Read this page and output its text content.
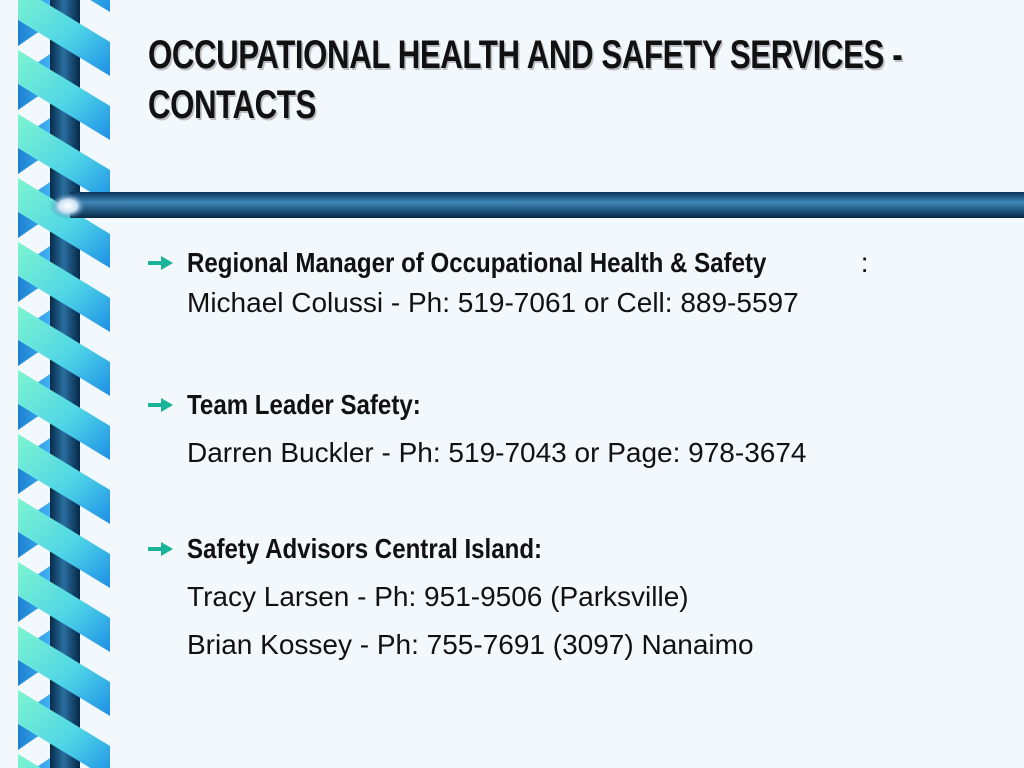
OCCUPATIONAL HEALTH AND SAFETY SERVICES -
CONTACTS
Regional Manager of Occupational Health & Safety	:
Michael Colussi - Ph: 519-7061 or Cell: 889-5597
Team Leader Safety:
Darren Buckler - Ph: 519-7043 or Page: 978-3674
Safety Advisors Central Island:
Tracy Larsen - Ph: 951-9506 (Parksville)
Brian Kossey - Ph: 755-7691 (3097) Nanaimo
